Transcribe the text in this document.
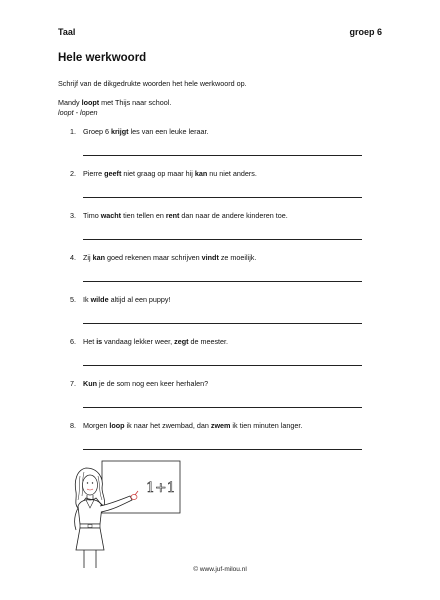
Taal	groep 6
Hele werkwoord
Schrijf van de dikgedrukte woorden het hele werkwoord op.
Mandy loopt met Thijs naar school.
loopt - lopen
1. Groep 6 krijgt les van een leuke leraar.
2. Pierre geeft niet graag op maar hij kan nu niet anders.
3. Timo wacht tien tellen en rent dan naar de andere kinderen toe.
4. Zij kan goed rekenen maar schrijven vindt ze moeilijk.
5. Ik wilde altijd al een puppy!
6. Het is vandaag lekker weer, zegt de meester.
7. Kun je de som nog een keer herhalen?
8. Morgen loop ik naar het zwembad, dan zwem ik tien minuten langer.
1+1
© www.juf-milou.nl
